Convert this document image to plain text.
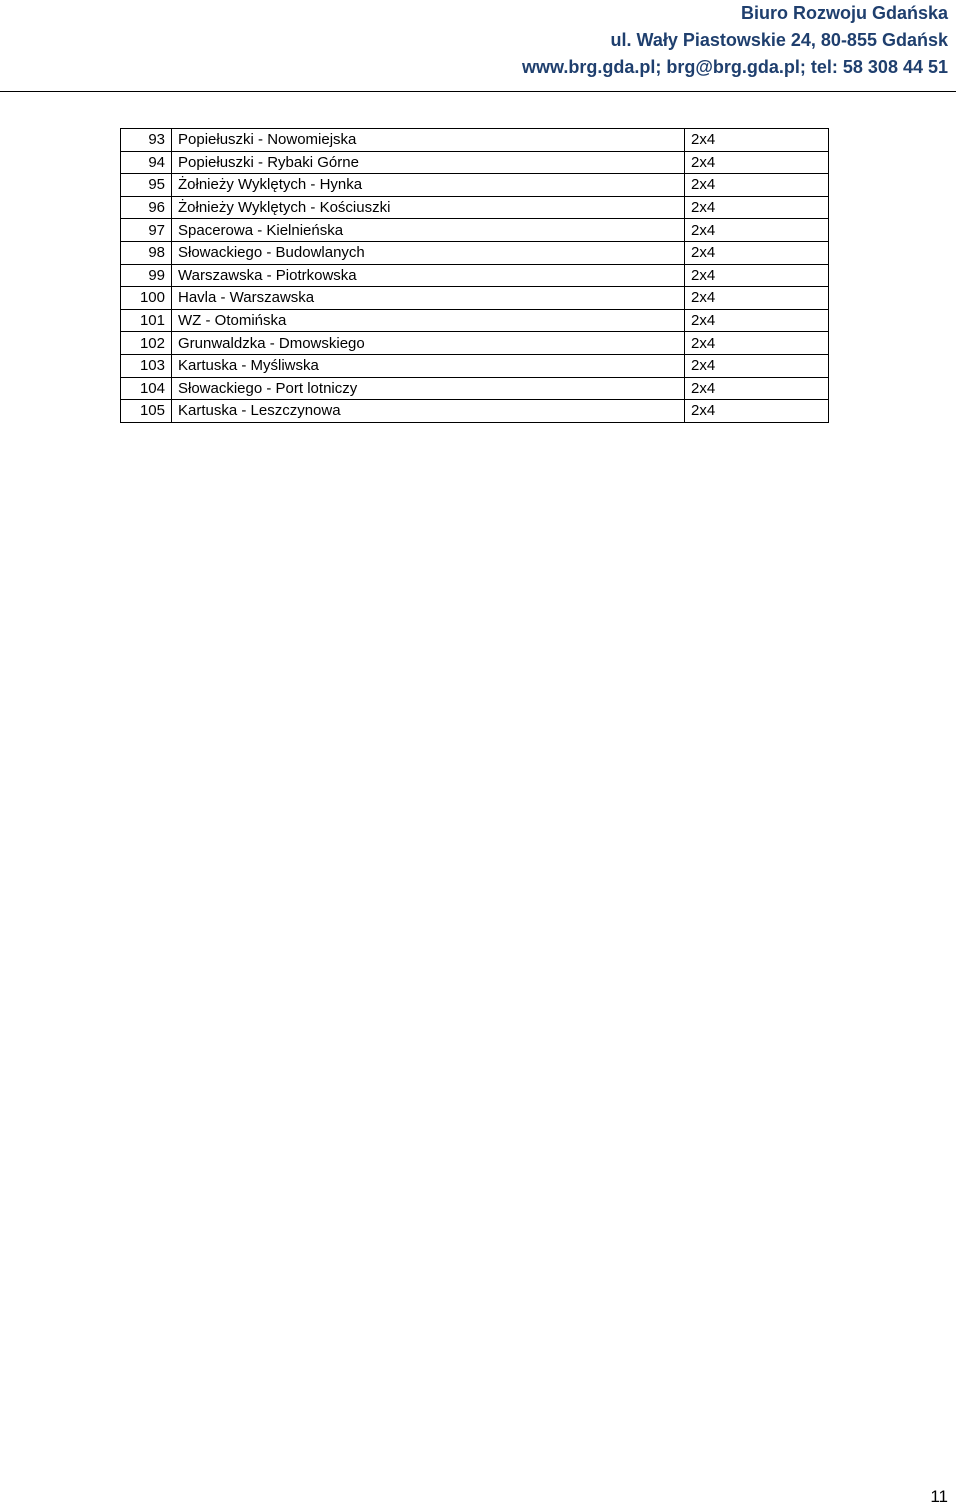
Biuro Rozwoju Gdańska
ul. Wały Piastowskie 24, 80-855 Gdańsk
www.brg.gda.pl; brg@brg.gda.pl; tel: 58 308 44 51
93	Popiełuszki - Nowomiejska	2x4
94	Popiełuszki - Rybaki Górne	2x4
95	Żołnieży Wyklętych - Hynka	2x4
96	Żołnieży Wyklętych - Kościuszki	2x4
97	Spacerowa - Kielnieńska	2x4
98	Słowackiego - Budowlanych	2x4
99	Warszawska - Piotrkowska	2x4
100	Havla - Warszawska	2x4
101	WZ - Otomińska	2x4
102	Grunwaldzka - Dmowskiego	2x4
103	Kartuska - Myśliwska	2x4
104	Słowackiego - Port lotniczy	2x4
105	Kartuska - Leszczynowa	2x4
11
